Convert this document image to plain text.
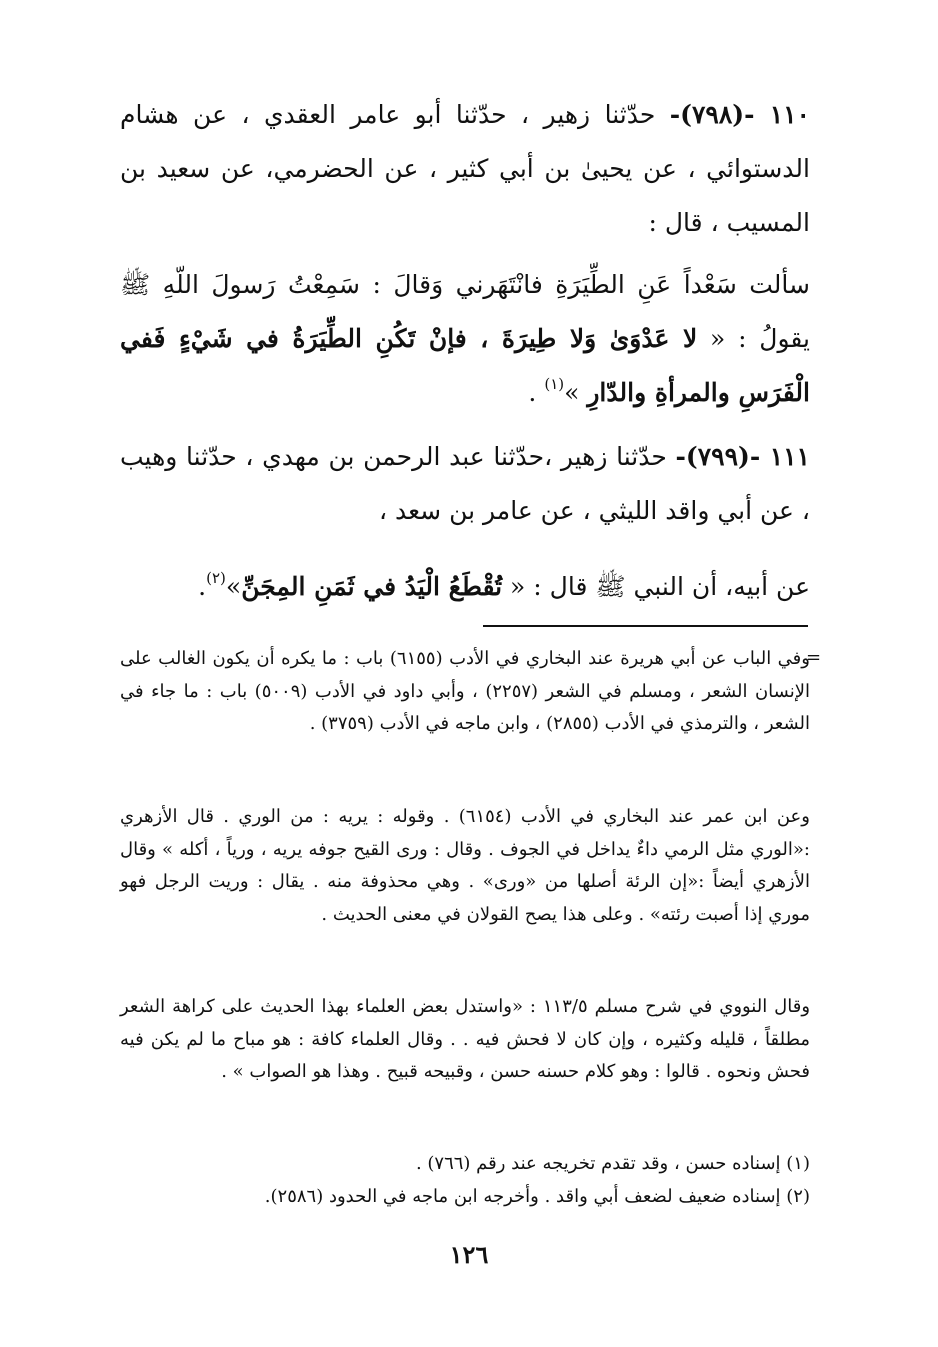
١١٠ -(٧٩٨)- حدّثنا زهير ، حدّثنا أبو عامر العقدي ، عن هشام الدستوائي ، عن يحيىٰ بن أبي كثير ، عن الحضرمي، عن سعيد بن المسيب ، قال :

سألت سَعْداً عَنِ الطِّيَرَةِ فانْتَهَرني وَقالَ : سَمِعْتُ رَسولَ اللّهِ ﷺ يقولُ : « لا عَدْوَىٰ وَلا طِيرَةَ ، فإنْ تَكُنِ الطِّيَرَةُ في شَيْءٍ فَفي الْفَرَسِ والمرأةِ والدّارِ »$^{(١)}$ .

١١١ -(٧٩٩)- حدّثنا زهير ،حدّثنا عبد الرحمن بن مهدي ، حدّثنا وهيب ، عن أبي واقد الليثي ، عن عامر بن سعد ،

عن أبيه، أن النبي ﷺ قال : « تُقْطَعُ الْيَدُ في ثَمَنِ المِجَنِّ»$^{(٢)}$.

=

وفي الباب عن أبي هريرة عند البخاري في الأدب (٦١٥٥) باب : ما يكره أن يكون الغالب على الإنسان الشعر ، ومسلم في الشعر (٢٢٥٧) ، وأبي داود في الأدب (٥٠٠٩) باب : ما جاء في الشعر ، والترمذي في الأدب (٢٨٥٥) ، وابن ماجه في الأدب (٣٧٥٩) .

وعن ابن عمر عند البخاري في الأدب (٦١٥٤) . وقوله : يريه : من الوري . قال الأزهري :«الوري مثل الرمي داءٌ يداخل في الجوف . وقال : ورى القيح جوفه يريه ، ورياً ، أكله » وقال الأزهري أيضاً :«إن الرئة أصلها من «ورى» . وهي محذوفة منه . يقال : وريت الرجل فهو موري إذا أصبت رئته» . وعلى هذا يصح القولان في معنى الحديث .

وقال النووي في شرح مسلم ١١٣/٥ : «واستدل بعض العلماء بهذا الحديث على كراهة الشعر مطلقاً ، قليله وكثيره ، وإن كان لا فحش فيه . . وقال العلماء كافة : هو مباح ما لم يكن فيه فحش ونحوه . قالوا : وهو كلام حسنه حسن ، وقبيحه قبيح . وهذا هو الصواب » .

(١) إسناده حسن ، وقد تقدم تخريجه عند رقم (٧٦٦) .

(٢) إسناده ضعيف لضعف أبي واقد . وأخرجه ابن ماجه في الحدود (٢٥٨٦).

١٢٦
